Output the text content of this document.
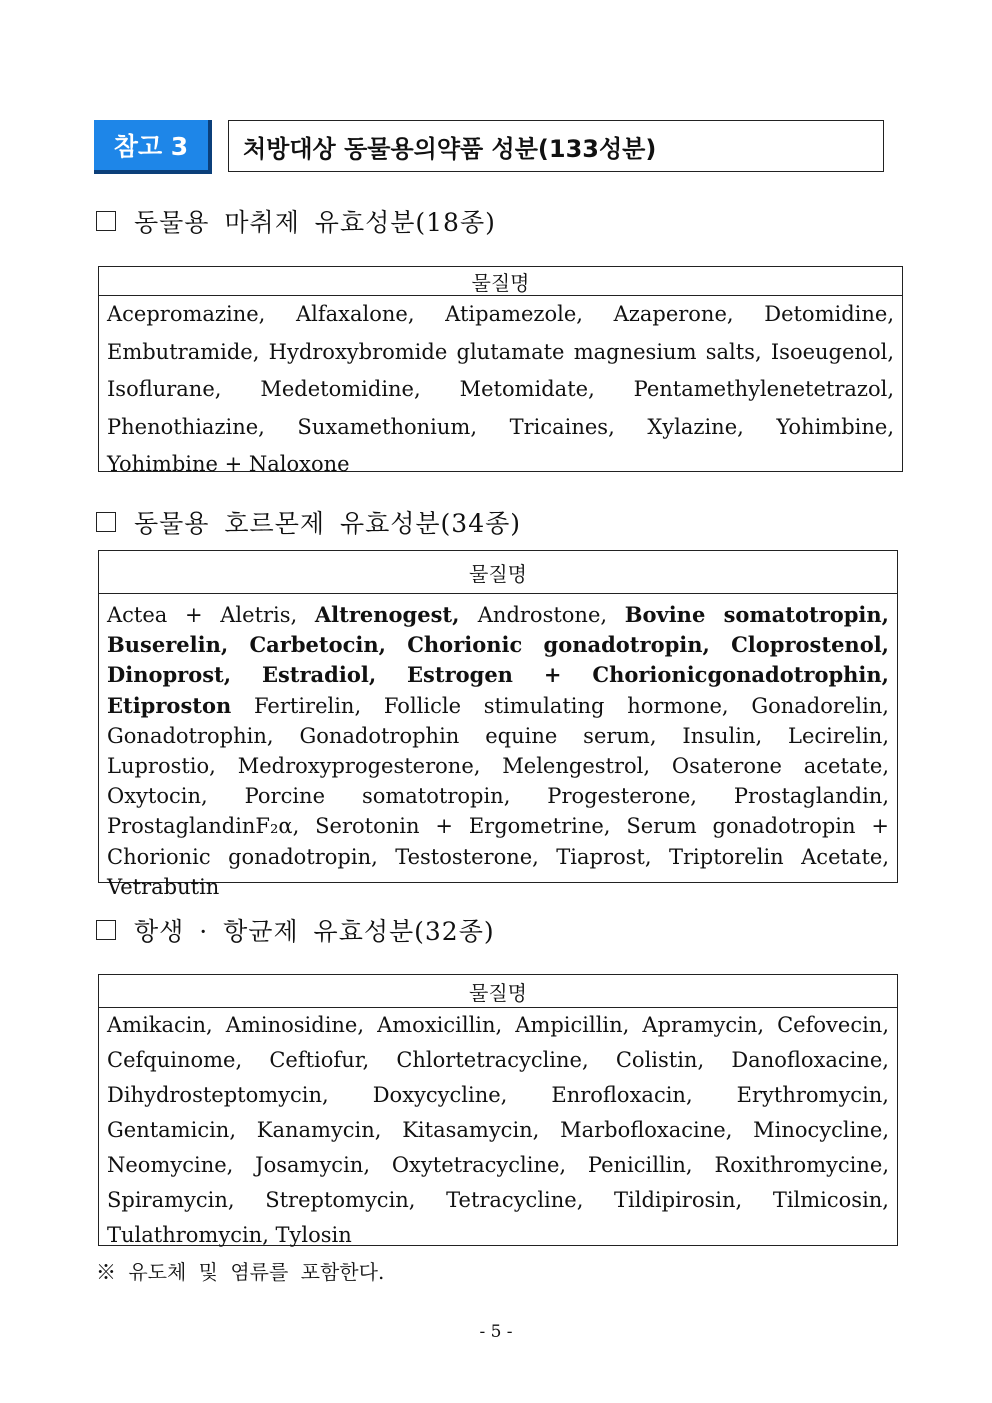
참고 3	처방대상 동물용의약품 성분(133성분)
동물용 마취제 유효성분(18종)
물질명
Acepromazine, Alfaxalone, Atipamezole, Azaperone, Detomidine, Embutramide, Hydroxybromide glutamate magnesium salts, Isoeugenol, Isoflurane, Medetomidine, Metomidate, Pentamethylenetetrazol, Phenothiazine, Suxamethonium, Tricaines, Xylazine, Yohimbine, Yohimbine + Naloxone
동물용 호르몬제 유효성분(34종)
물질명
Actea + Aletris, Altrenogest, Androstone, Bovine somatotropin, Buserelin, Carbetocin, Chorionic gonadotropin, Cloprostenol, Dinoprost, Estradiol, Estrogen + Chorionicgonadotrophin, Etiproston Fertirelin, Follicle stimulating hormone, Gonadorelin, Gonadotrophin, Gonadotrophin equine serum, Insulin, Lecirelin, Luprostio, Medroxyprogesterone, Melengestrol, Osaterone acetate, Oxytocin, Porcine somatotropin, Progesterone, Prostaglandin, ProstaglandinF₂α, Serotonin + Ergometrine, Serum gonadotropin + Chorionic gonadotropin, Testosterone, Tiaprost, Triptorelin Acetate, Vetrabutin
항생 · 항균제 유효성분(32종)
물질명
Amikacin, Aminosidine, Amoxicillin, Ampicillin, Apramycin, Cefovecin, Cefquinome, Ceftiofur, Chlortetracycline, Colistin, Danofloxacine, Dihydrosteptomycin, Doxycycline, Enrofloxacin, Erythromycin, Gentamicin, Kanamycin, Kitasamycin, Marbofloxacine, Minocycline, Neomycine, Josamycin, Oxytetracycline, Penicillin, Roxithromycine, Spiramycin, Streptomycin, Tetracycline, Tildipirosin, Tilmicosin, Tulathromycin, Tylosin
※ 유도체 및 염류를 포함한다.
- 5 -
